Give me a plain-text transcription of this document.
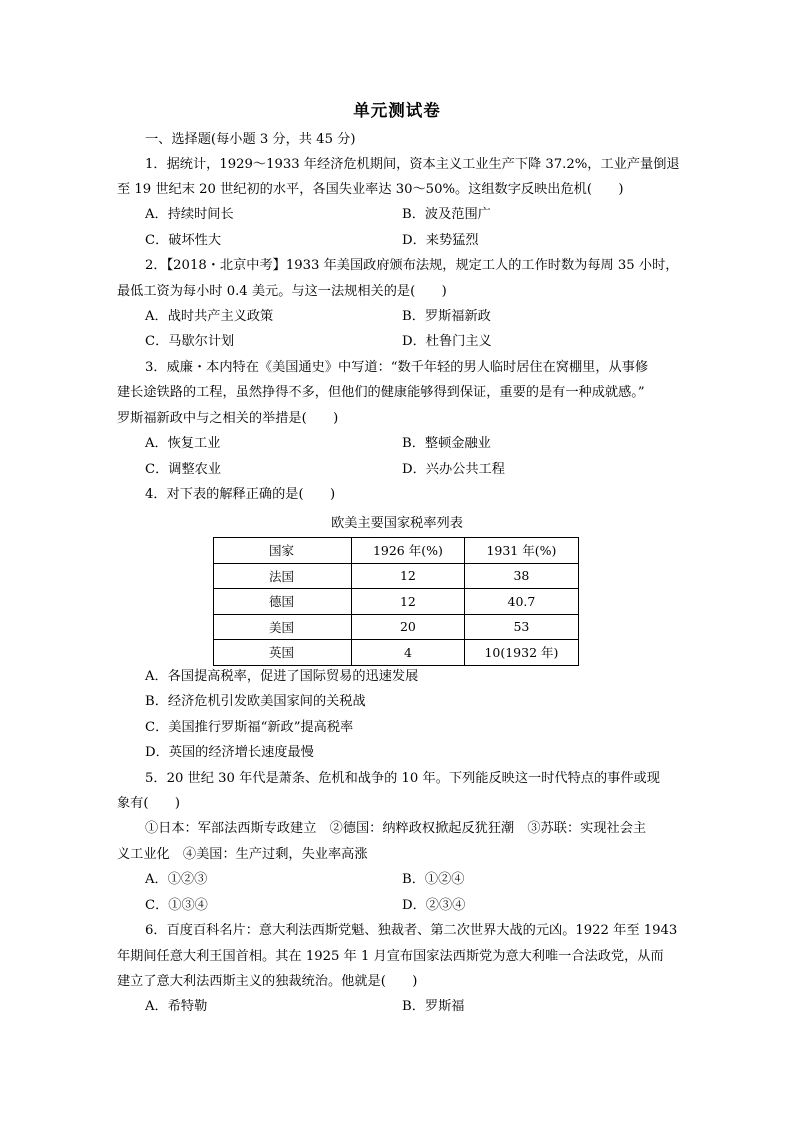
单元测试卷
一、选择题(每小题 3 分，共 45 分)
1．据统计，1929～1933 年经济危机期间，资本主义工业生产下降 37.2%，工业产量倒退
至 19 世纪末 20 世纪初的水平，各国失业率达 30～50%。这组数字反映出危机(　　)
A．持续时间长	B．波及范围广
C．破坏性大	D．来势猛烈
2．【2018・北京中考】1933 年美国政府颁布法规，规定工人的工作时数为每周 35 小时，
最低工资为每小时 0.4 美元。与这一法规相关的是(　　)
A．战时共产主义政策	B．罗斯福新政
C．马歇尔计划	D．杜鲁门主义
3．威廉・本内特在《美国通史》中写道：“数千年轻的男人临时居住在窝棚里，从事修
建长途铁路的工程，虽然挣得不多，但他们的健康能够得到保证，重要的是有一种成就感。”
罗斯福新政中与之相关的举措是(　　)
A．恢复工业	B．整顿金融业
C．调整农业	D．兴办公共工程
4．对下表的解释正确的是(　　)
欧美主要国家税率列表
国家	1926 年(%)	1931 年(%)
法国	12	38
德国	12	40.7
美国	20	53
英国	4	10(1932 年)
A．各国提高税率，促进了国际贸易的迅速发展
B．经济危机引发欧美国家间的关税战
C．美国推行罗斯福“新政”提高税率
D．英国的经济增长速度最慢
5．20 世纪 30 年代是萧条、危机和战争的 10 年。下列能反映这一时代特点的事件或现
象有(　　)
①日本：军部法西斯专政建立　②德国：纳粹政权掀起反犹狂潮　③苏联：实现社会主
义工业化　④美国：生产过剩，失业率高涨
A．①②③	B．①②④
C．①③④	D．②③④
6．百度百科名片：意大利法西斯党魁、独裁者、第二次世界大战的元凶。1922 年至 1943
年期间任意大利王国首相。其在 1925 年 1 月宣布国家法西斯党为意大利唯一合法政党，从而
建立了意大利法西斯主义的独裁统治。他就是(　　)
A．希特勒	B．罗斯福
